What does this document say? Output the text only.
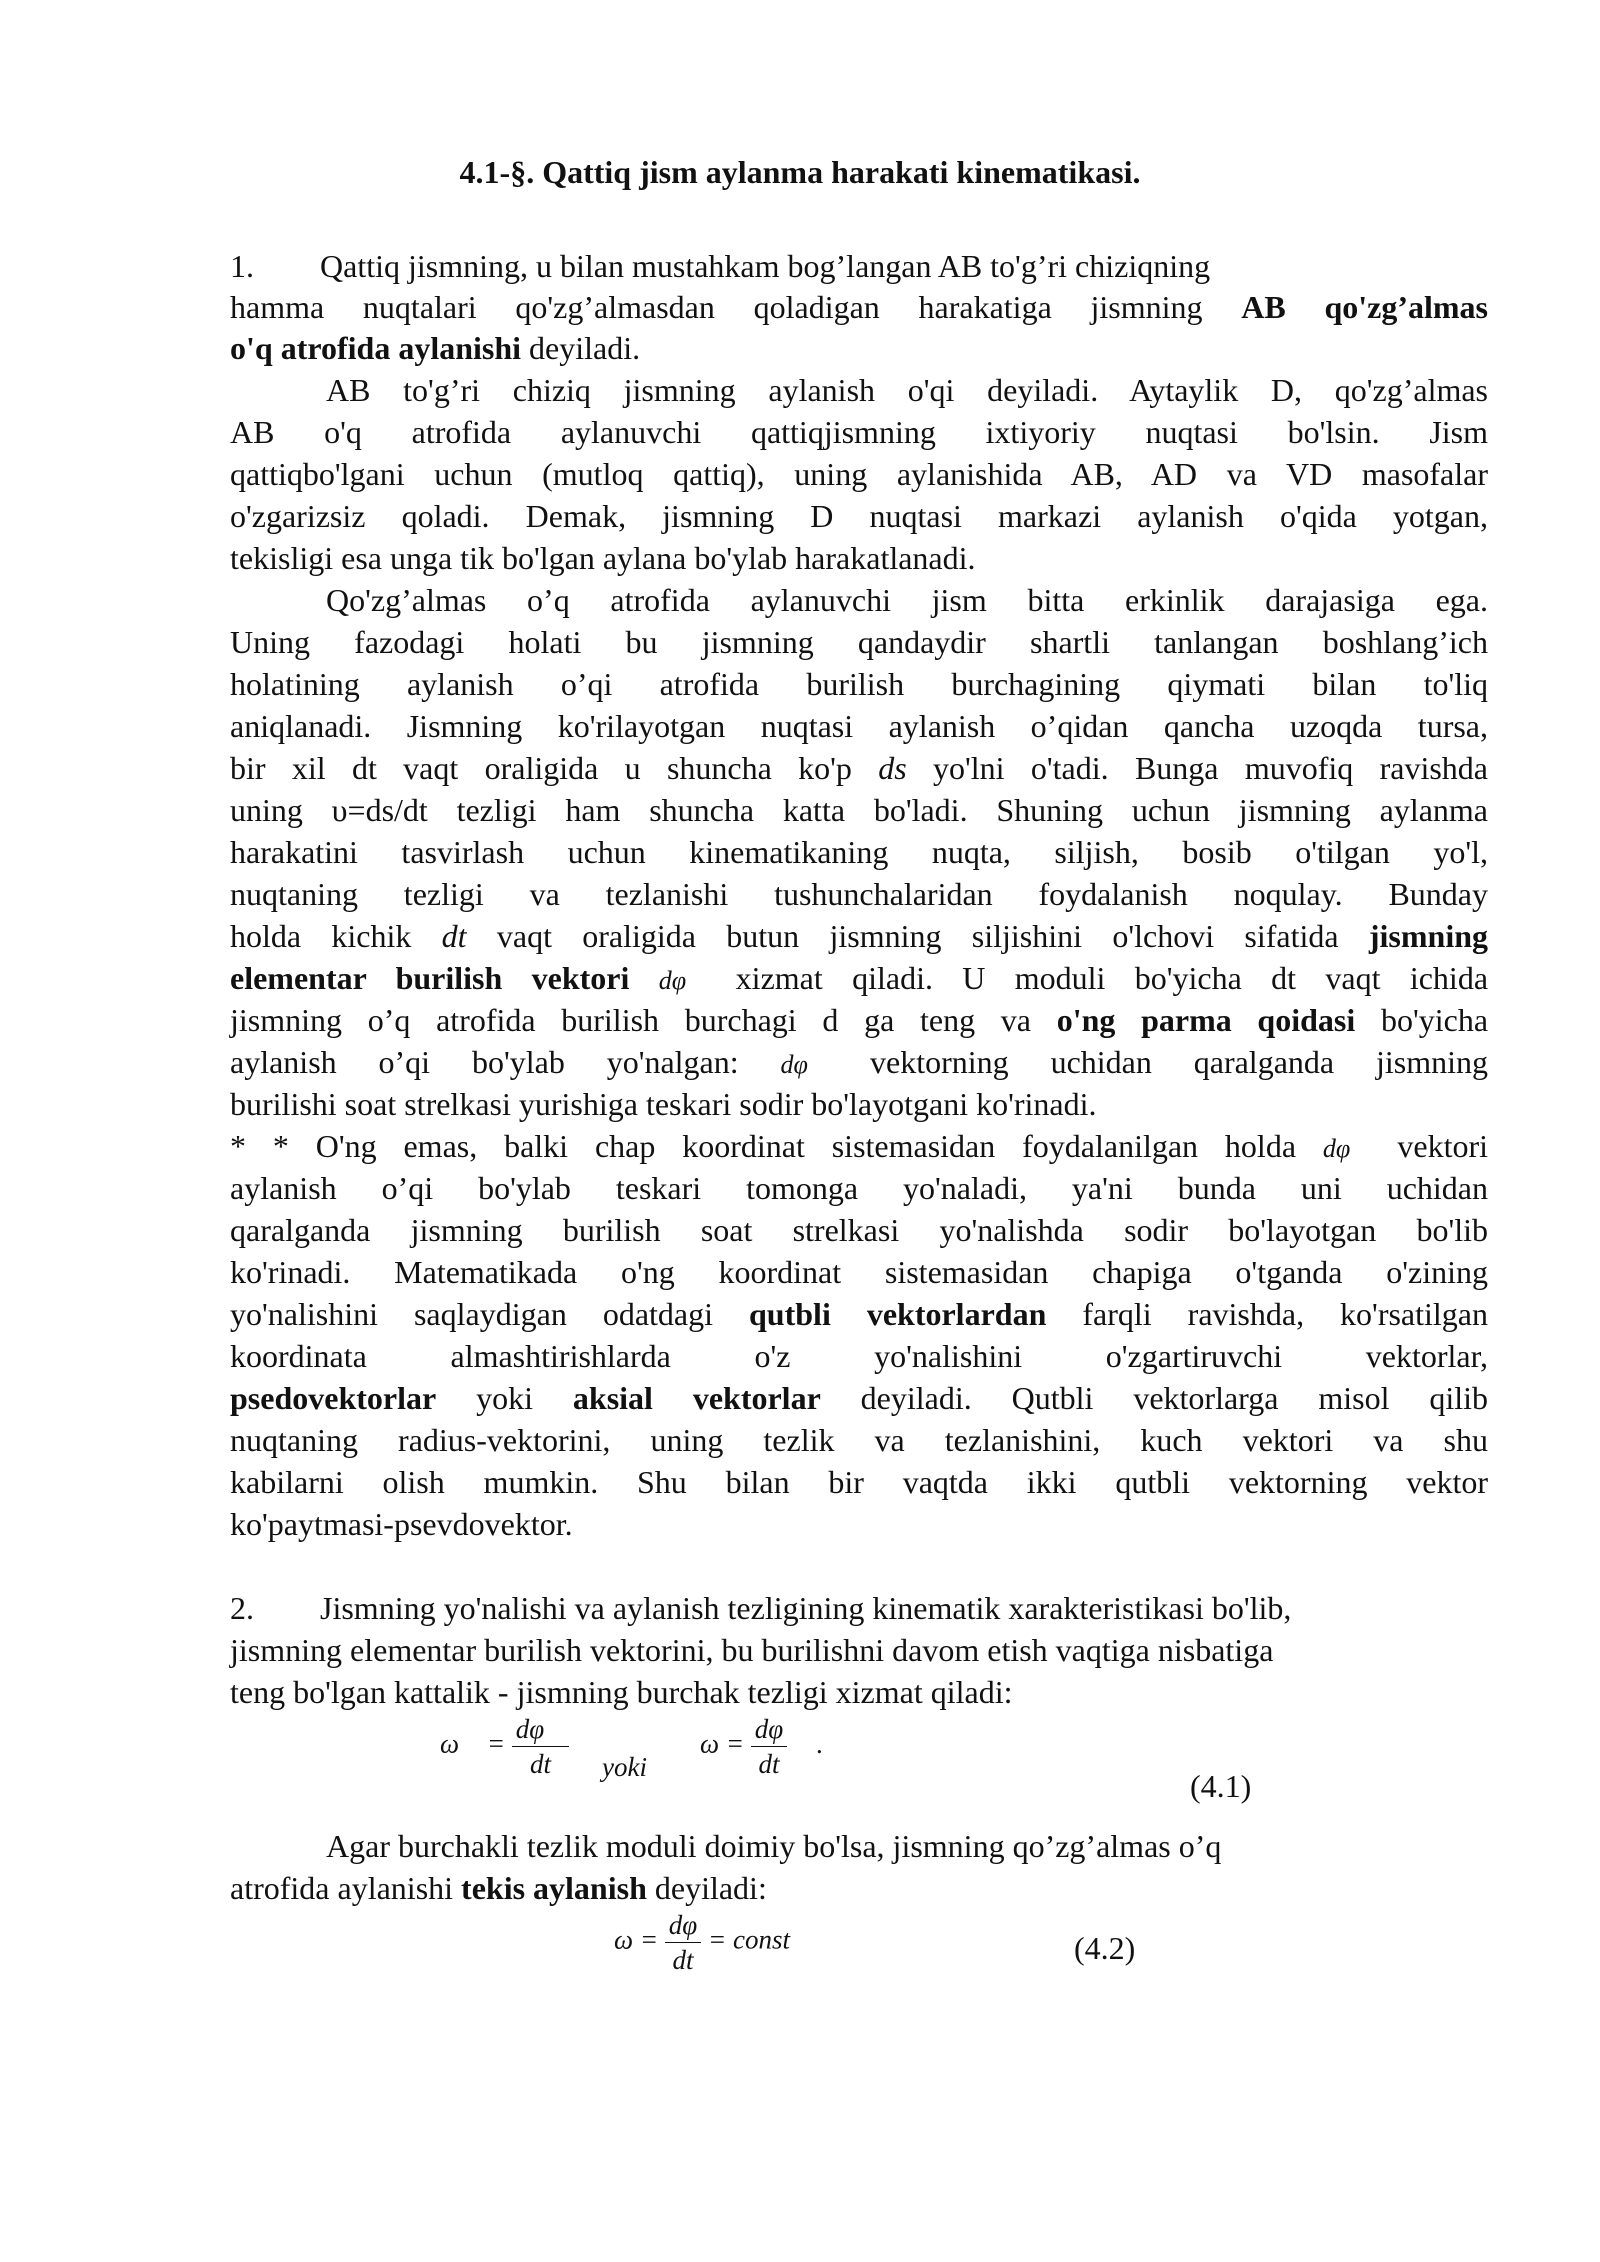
4.1-§. Qattiq jism aylanma harakati kinematikasi.
1. Qattiq jismning, u bilan mustahkam bog’langan AB to'g’ri chiziqning
hamma nuqtalari qo'zg’almasdan qoladigan harakatiga jismning AB qo'zg’almas
o'q atrofida aylanishi deyiladi.
AB to'g’ri chiziq jismning aylanish o'qi deyiladi. Aytaylik D, qo'zg’almas
AB o'q atrofida aylanuvchi qattiqjismning ixtiyoriy nuqtasi bo'lsin. Jism
qattiqbo'lgani uchun (mutloq qattiq), uning aylanishida AB, AD va VD masofalar
o'zgarizsiz qoladi. Demak, jismning D nuqtasi markazi aylanish o'qida yotgan,
tekisligi esa unga tik bo'lgan aylana bo'ylab harakatlanadi.
Qo'zg’almas o’q atrofida aylanuvchi jism bitta erkinlik darajasiga ega.
Uning fazodagi holati bu jismning qandaydir shartli tanlangan boshlang’ich
holatining aylanish o’qi atrofida burilish burchagining qiymati bilan to'liq
aniqlanadi. Jismning ko'rilayotgan nuqtasi aylanish o’qidan qancha uzoqda tursa,
bir xil dt vaqt oraligida u shuncha ko'p ds yo'lni o'tadi. Bunga muvofiq ravishda
uning υ=ds/dt tezligi ham shuncha katta bo'ladi. Shuning uchun jismning aylanma
harakatini tasvirlash uchun kinematikaning nuqta, siljish, bosib o'tilgan yo'l,
nuqtaning tezligi va tezlanishi tushunchalaridan foydalanish noqulay. Bunday
holda kichik dt vaqt oraligida butun jismning siljishini o'lchovi sifatida jismning
elementar burilish vektori dφ⃗ xizmat qiladi. U moduli bo'yicha dt vaqt ichida
jismning o’q atrofida burilish burchagi d ga teng va o'ng parma qoidasi bo'yicha
aylanish o’qi bo'ylab yo'nalgan: dφ⃗ vektorning uchidan qaralganda jismning
burilishi soat strelkasi yurishiga teskari sodir bo'layotgani ko'rinadi.
* * O'ng emas, balki chap koordinat sistemasidan foydalanilgan holda dφ⃗ vektori
aylanish o’qi bo'ylab teskari tomonga yo'naladi, ya'ni bunda uni uchidan
qaralganda jismning burilish soat strelkasi yo'nalishda sodir bo'layotgan bo'lib
ko'rinadi. Matematikada o'ng koordinat sistemasidan chapiga o'tganda o'zining
yo'nalishini saqlaydigan odatdagi qutbli vektorlardan farqli ravishda, ko'rsatilgan
koordinata almashtirishlarda o'z yo'nalishini o'zgartiruvchi vektorlar,
psedovektorlar yoki aksial vektorlar deyiladi. Qutbli vektorlarga misol qilib
nuqtaning radius-vektorini, uning tezlik va tezlanishini, kuch vektori va shu
kabilarni olish mumkin. Shu bilan bir vaqtda ikki qutbli vektorning vektor
ko'paytmasi-psevdovektor.
2. Jismning yo'nalishi va aylanish tezligining kinematik xarakteristikasi bo'lib,
jismning elementar burilish vektorini, bu burilishni davom etish vaqtiga nisbatiga
teng bo'lgan kattalik - jismning burchak tezligi xizmat qiladi:
ω⃗ = $\frac{d\varphi⃗}{dt}$ yoki
$\omega = \frac{d\varphi}{dt}$ .
(4.1)
Agar burchakli tezlik moduli doimiy bo'lsa, jismning qo’zg’almas o’q
atrofida aylanishi tekis aylanish deyiladi:
$\omega = \frac{d\varphi}{dt}$ = const	(4.2)
